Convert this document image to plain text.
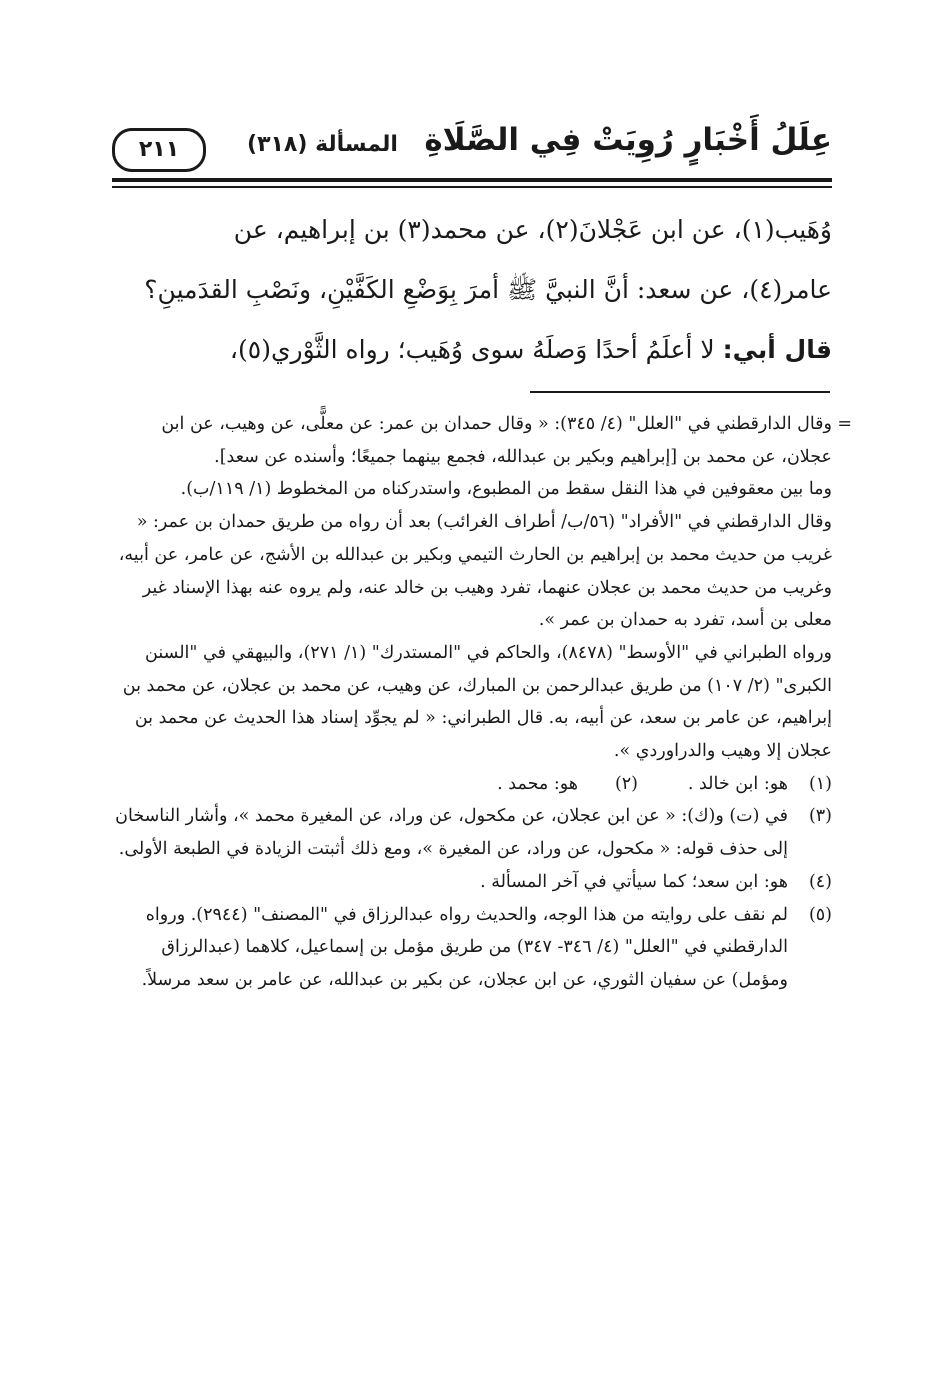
عِلَلُ أَخْبَارٍ رُوِيَتْ فِي الصَّلَاةِ
المسألة (٣١٨)
٢١١

وُهَيب(١)، عن ابن عَجْلانَ(٢)، عن محمد(٣) بن إبراهيم، عن

عامر(٤)، عن سعد: أنَّ النبيَّ ﷺ أمرَ بِوَضْعِ الكَفَّيْنِ، ونَصْبِ القدَمينِ؟

قال أبي: لا أعلَمُ أحدًا وَصلَهُ سوى وُهَيب؛ رواه الثَّوْري(٥)،

=

وقال الدارقطني في "العلل" (٤/ ٣٤٥): « وقال حمدان بن عمر: عن معلًّى، عن وهيب، عن ابن عجلان، عن محمد بن [إبراهيم وبكير بن عبدالله، فجمع بينهما جميعًا؛ وأسنده عن سعد].

وما بين معقوفين في هذا النقل سقط من المطبوع، واستدركناه من المخطوط (١/ ١١٩/ب).

وقال الدارقطني في "الأفراد" (٥٦/ب/ أطراف الغرائب) بعد أن رواه من طريق حمدان بن عمر: « غريب من حديث محمد بن إبراهيم بن الحارث التيمي وبكير بن عبدالله بن الأشج، عن عامر، عن أبيه، وغريب من حديث محمد بن عجلان عنهما، تفرد وهيب بن خالد عنه، ولم يروه عنه بهذا الإسناد غير معلى بن أسد، تفرد به حمدان بن عمر ».

ورواه الطبراني في "الأوسط" (٨٤٧٨)، والحاكم في "المستدرك" (١/ ٢٧١)، والبيهقي في "السنن الكبرى" (٢/ ١٠٧) من طريق عبدالرحمن بن المبارك، عن وهيب، عن محمد بن عجلان، عن محمد بن إبراهيم، عن عامر بن سعد، عن أبيه، به. قال الطبراني: « لم يجوِّد إسناد هذا الحديث عن محمد بن عجلان إلا وهيب والدراوردي ».

(١)
هو: ابن خالد .
(٢)
هو: محمد .
(٣)
في (ت) و(ك): « عن ابن عجلان، عن مكحول، عن وراد، عن المغيرة محمد »، وأشار الناسخان إلى حذف قوله: « مكحول، عن وراد، عن المغيرة »، ومع ذلك أثبتت الزيادة في الطبعة الأولى.
(٤)
هو: ابن سعد؛ كما سيأتي في آخر المسألة .
(٥)
لم نقف على روايته من هذا الوجه، والحديث رواه عبدالرزاق في "المصنف" (٢٩٤٤). ورواه الدارقطني في "العلل" (٤/ ٣٤٦- ٣٤٧) من طريق مؤمل بن إسماعيل، كلاهما (عبدالرزاق ومؤمل) عن سفيان الثوري، عن ابن عجلان، عن بكير بن عبدالله، عن عامر بن سعد مرسلاً.
